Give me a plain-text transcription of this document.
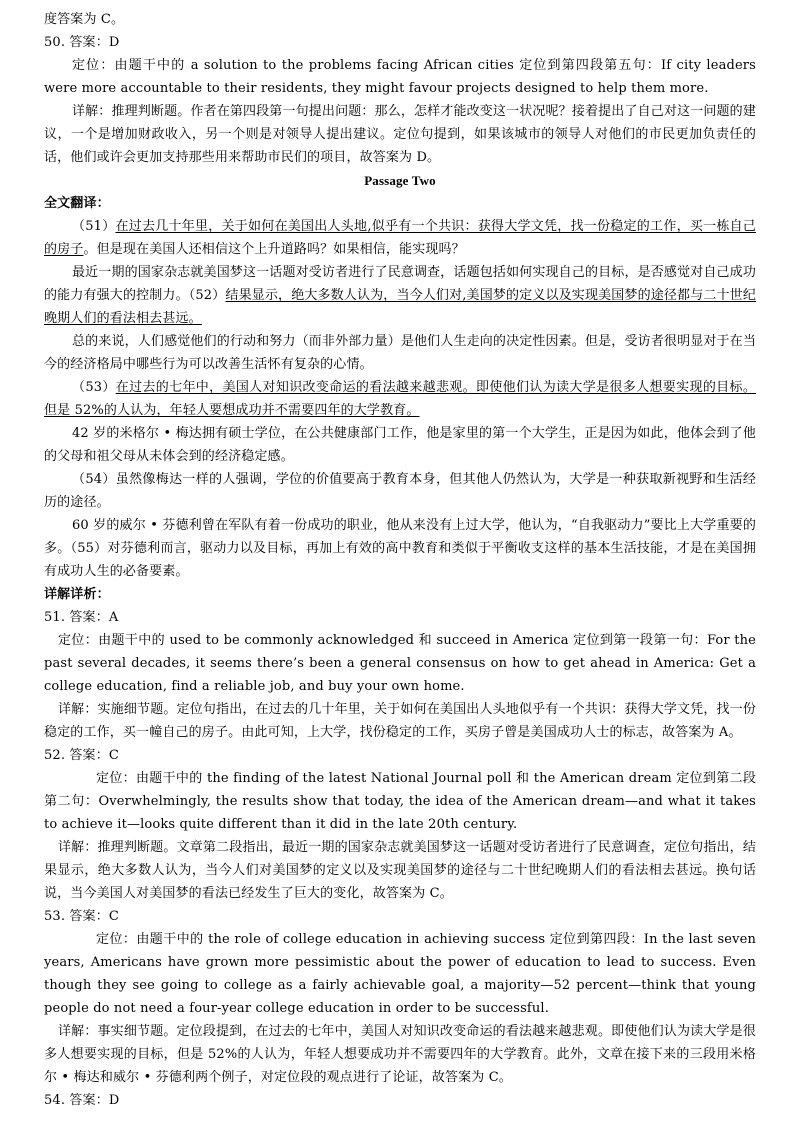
度答案为 C。

50. 答案：D

定位：由题干中的 a solution to the problems facing African cities 定位到第四段第五句：If city leaders were more accountable to their residents, they might favour projects designed to help them more.

详解：推理判断题。作者在第四段第一句提出问题：那么，怎样才能改变这一状况呢？接着提出了自己对这一问题的建议，一个是增加财政收入，另一个则是对领导人提出建议。定位句提到，如果该城市的领导人对他们的市民更加负责任的话，他们或许会更加支持那些用来帮助市民们的项目，故答案为 D。

Passage Two

全文翻译：

（51）在过去几十年里，关于如何在美国出人头地,似乎有一个共识：获得大学文凭，找一份稳定的工作，买一栋自己的房子。但是现在美国人还相信这个上升道路吗？如果相信，能实现吗？

最近一期的国家杂志就美国梦这一话题对受访者进行了民意调查，话题包括如何实现自己的目标，是否感觉对自己成功的能力有强大的控制力。（52）结果显示，绝大多数人认为，当今人们对,美国梦的定义以及实现美国梦的途径都与二十世纪晚期人们的看法相去甚远。

总的来说，人们感觉他们的行动和努力（而非外部力量）是他们人生走向的决定性因素。但是，受访者很明显对于在当今的经济格局中哪些行为可以改善生活怀有复杂的心情。

（53）在过去的七年中，美国人对知识改变命运的看法越来越悲观。即使他们认为读大学是很多人想要实现的目标。但是 52%的人认为，年轻人要想成功并不需要四年的大学教育。

42 岁的米格尔 • 梅达拥有硕士学位，在公共健康部门工作，他是家里的第一个大学生，正是因为如此，他体会到了他的父母和祖父母从未体会到的经济稳定感。

（54）虽然像梅达一样的人强调，学位的价值要高于教育本身，但其他人仍然认为，大学是一种获取新视野和生活经历的途径。

60 岁的威尔 • 芬德利曾在军队有着一份成功的职业，他从来没有上过大学，他认为，“自我驱动力”要比上大学重要的多。（55）对芬德利而言，驱动力以及目标，再加上有效的高中教育和类似于平衡收支这样的基本生活技能，才是在美国拥有成功人生的必备要素。

详解详析：

51. 答案：A

定位：由题干中的 used to be commonly acknowledged 和 succeed in America 定位到第一段第一句：For the past several decades, it seems there’s been a general consensus on how to get ahead in America: Get a college education, find a reliable job, and buy your own home.

详解：实施细节题。定位句指出，在过去的几十年里，关于如何在美国出人头地似乎有一个共识：获得大学文凭，找一份稳定的工作，买一幢自己的房子。由此可知，上大学，找份稳定的工作，买房子曾是美国成功人士的标志，故答案为 A。

52. 答案：C

定位：由题干中的 the finding of the latest National Journal poll 和 the American dream 定位到第二段第二句：Overwhelmingly, the results show that today, the idea of the American dream—and what it takes to achieve it—looks quite different than it did in the late 20th century.

详解：推理判断题。文章第二段指出，最近一期的国家杂志就美国梦这一话题对受访者进行了民意调查，定位句指出，结果显示，绝大多数人认为，当今人们对美国梦的定义以及实现美国梦的途径与二十世纪晚期人们的看法相去甚远。换句话说，当今美国人对美国梦的看法已经发生了巨大的变化，故答案为 C。

53. 答案：C

定位：由题干中的 the role of college education in achieving success 定位到第四段：In the last seven years, Americans have grown more pessimistic about the power of education to lead to success. Even though they see going to college as a fairly achievable goal, a majority—52 percent—think that young people do not need a four-year college education in order to be successful.

详解：事实细节题。定位段提到，在过去的七年中，美国人对知识改变命运的看法越来越悲观。即使他们认为读大学是很多人想要实现的目标，但是 52%的人认为，年轻人想要成功并不需要四年的大学教育。此外，文章在接下来的三段用米格尔 • 梅达和威尔 • 芬德利两个例子，对定位段的观点进行了论证，故答案为 C。

54. 答案：D
